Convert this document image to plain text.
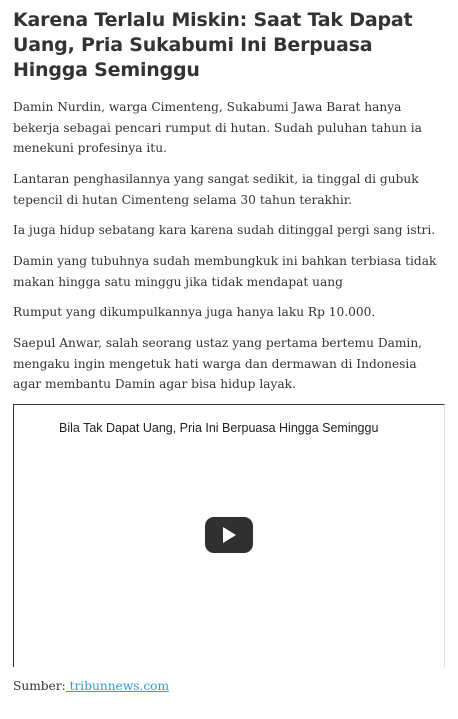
Karena Terlalu Miskin: Saat Tak Dapat Uang, Pria Sukabumi Ini Berpuasa Hingga Seminggu

Damin Nurdin, warga Cimenteng, Sukabumi Jawa Barat hanya bekerja sebagai pencari rumput di hutan. Sudah puluhan tahun ia menekuni profesinya itu.

Lantaran penghasilannya yang sangat sedikit, ia tinggal di gubuk tepencil di hutan Cimenteng selama 30 tahun terakhir.

Ia juga hidup sebatang kara karena sudah ditinggal pergi sang istri.

Damin yang tubuhnya sudah membungkuk ini bahkan terbiasa tidak makan hingga satu minggu jika tidak mendapat uang

Rumput yang dikumpulkannya juga hanya laku Rp 10.000.

Saepul Anwar, salah seorang ustaz yang pertama bertemu Damin, mengaku ingin mengetuk hati warga dan dermawan di Indonesia agar membantu Damin agar bisa hidup layak.

Bila Tak Dapat Uang, Pria Ini Berpuasa Hingga Seminggu
Sumber: tribunnews.com
